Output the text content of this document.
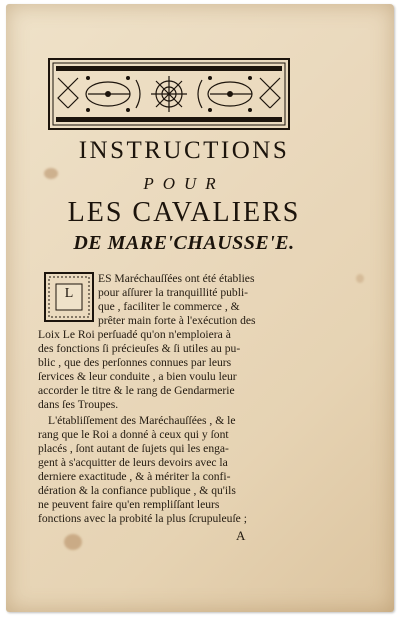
INSTRUCTIONS
POUR
LES CAVALIERS
DE MARE'CHAUSSE'E.
L
ES Maréchauſſées ont été établies
pour aſſurer la tranquillité publi-
que , faciliter le commerce , &
prêter main forte à l'exécution des
Loix Le Roi perſuadé qu'on n'emploiera à
des fonctions ſi précieuſes & ſi utiles au pu-
blic , que des perſonnes connues par leurs
ſervices & leur conduite , a bien voulu leur
accorder le titre & le rang de Gendarmerie
dans ſes Troupes.
L'établiſſement des Maréchauſſées , & le
rang que le Roi a donné à ceux qui y ſont
placés , ſont autant de ſujets qui les enga-
gent à s'acquitter de leurs devoirs avec la
derniere exactitude , & à mériter la confi-
dération & la confiance publique , & qu'ils
ne peuvent faire qu'en rempliſſant leurs
fonctions avec la probité la plus ſcrupuleuſe ;
A
